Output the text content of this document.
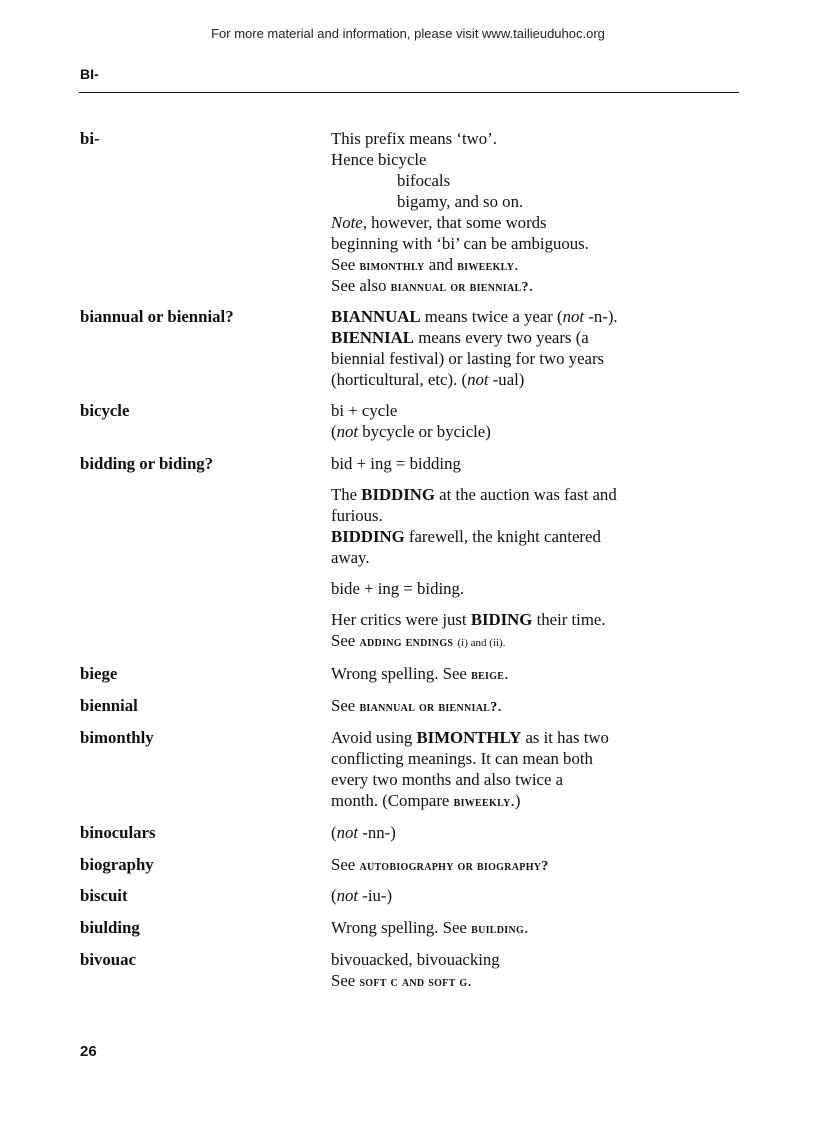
For more material and information, please visit www.tailieuduhoc.org
BI-
bi-	This prefix means ‘two’.
Hence bicycle
bifocals
bigamy, and so on.
Note, however, that some words
beginning with ‘bi’ can be ambiguous.
See bimonthly and biweekly.
See also biannual or biennial?.
biannual or biennial?	BIANNUAL means twice a year (not -n-).
BIENNIAL means every two years (a
biennial festival) or lasting for two years
(horticultural, etc). (not -ual)
bicycle	bi + cycle
(not bycycle or bycicle)
bidding or biding?	bid + ing = bidding
The BIDDING at the auction was fast and
furious.
BIDDING farewell, the knight cantered
away.
bide + ing = biding.
Her critics were just BIDING their time.
See adding endings (i) and (ii).
biege	Wrong spelling. See beige.
biennial	See biannual or biennial?.
bimonthly	Avoid using BIMONTHLY as it has two
conflicting meanings. It can mean both
every two months and also twice a
month. (Compare biweekly.)
binoculars	(not -nn-)
biography	See autobiography or biography?
biscuit	(not -iu-)
biulding	Wrong spelling. See building.
bivouac	bivouacked, bivouacking
See soft c and soft g.
26
